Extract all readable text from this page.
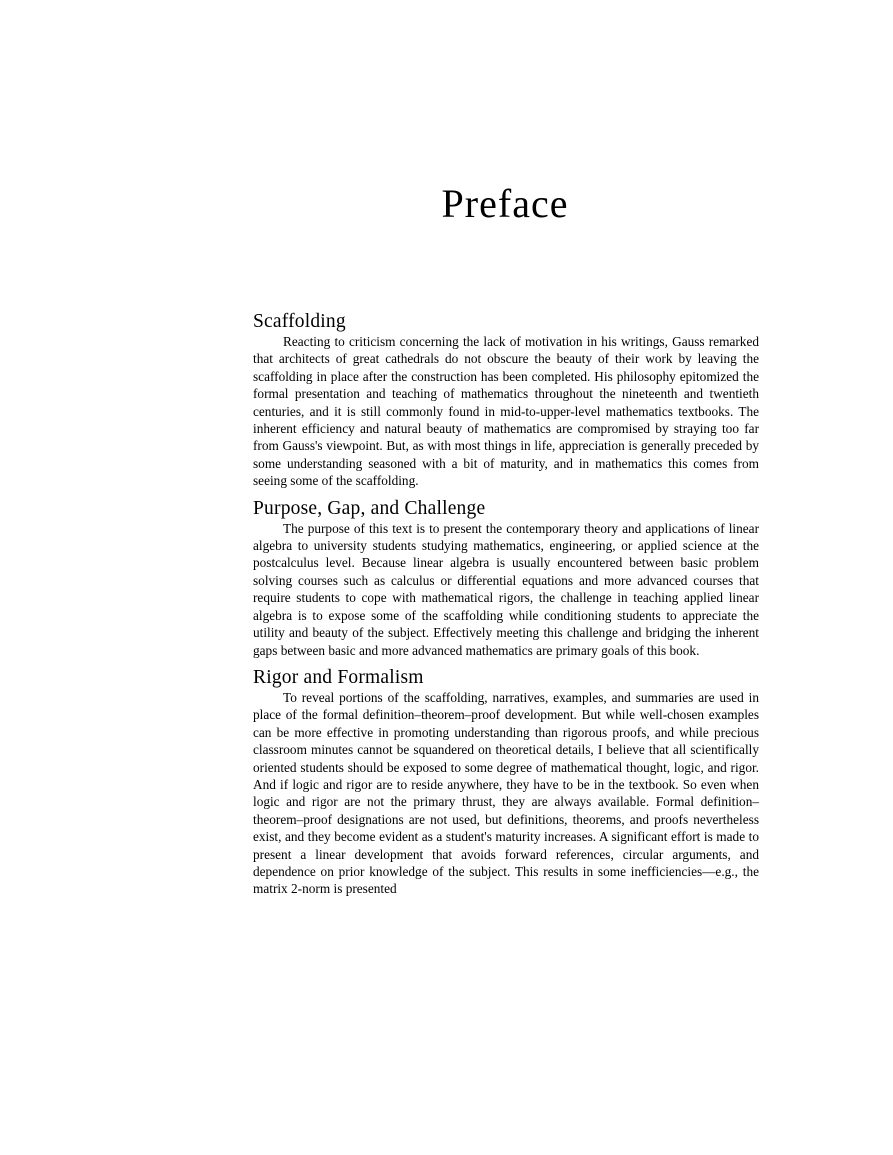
Preface
Scaffolding

Reacting to criticism concerning the lack of motivation in his writings, Gauss remarked that architects of great cathedrals do not obscure the beauty of their work by leaving the scaffolding in place after the construction has been completed. His philosophy epitomized the formal presentation and teaching of mathematics throughout the nineteenth and twentieth centuries, and it is still commonly found in mid-to-upper-level mathematics textbooks. The inherent efficiency and natural beauty of mathematics are compromised by straying too far from Gauss's viewpoint. But, as with most things in life, appreciation is generally preceded by some understanding seasoned with a bit of maturity, and in mathematics this comes from seeing some of the scaffolding.

Purpose, Gap, and Challenge

The purpose of this text is to present the contemporary theory and applications of linear algebra to university students studying mathematics, engineering, or applied science at the postcalculus level. Because linear algebra is usually encountered between basic problem solving courses such as calculus or differential equations and more advanced courses that require students to cope with mathematical rigors, the challenge in teaching applied linear algebra is to expose some of the scaffolding while conditioning students to appreciate the utility and beauty of the subject. Effectively meeting this challenge and bridging the inherent gaps between basic and more advanced mathematics are primary goals of this book.

Rigor and Formalism

To reveal portions of the scaffolding, narratives, examples, and summaries are used in place of the formal definition–theorem–proof development. But while well-chosen examples can be more effective in promoting understanding than rigorous proofs, and while precious classroom minutes cannot be squandered on theoretical details, I believe that all scientifically oriented students should be exposed to some degree of mathematical thought, logic, and rigor. And if logic and rigor are to reside anywhere, they have to be in the textbook. So even when logic and rigor are not the primary thrust, they are always available. Formal definition–theorem–proof designations are not used, but definitions, theorems, and proofs nevertheless exist, and they become evident as a student's maturity increases. A significant effort is made to present a linear development that avoids forward references, circular arguments, and dependence on prior knowledge of the subject. This results in some inefficiencies—e.g., the matrix 2-norm is presented
